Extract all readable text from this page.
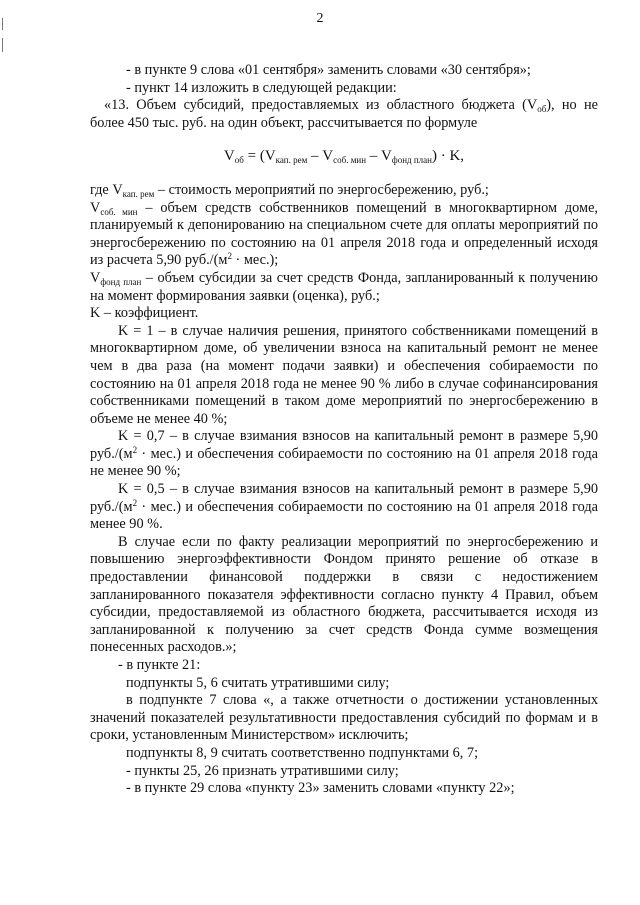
2

- в пункте 9 слова «01 сентября» заменить словами «30 сентября»;

- пункт 14 изложить в следующей редакции:

«13. Объем субсидий, предоставляемых из областного бюджета $(V_{об})$, но не более 450 тыс. руб. на один объект, рассчитывается по формуле

$V_{об} = (V_{кап. рем} - V_{соб. мин} - V_{фонд план}) \cdot K$,

где $V_{кап. рем}$ – стоимость мероприятий по энергосбережению, руб.;

$V_{соб. мин}$ – объем средств собственников помещений в многоквартирном доме, планируемый к депонированию на специальном счете для оплаты мероприятий по энергосбережению по состоянию на 01 апреля 2018 года и определенный исходя из расчета 5,90 $руб./(м^2 \cdot мес.)$;

$V_{фонд план}$ – объем субсидии за счет средств Фонда, запланированный к получению на момент формирования заявки (оценка), руб.;

K – коэффициент.

K = 1 – в случае наличия решения, принятого собственниками помещений в многоквартирном доме, об увеличении взноса на капитальный ремонт не менее чем в два раза (на момент подачи заявки) и обеспечения собираемости по состоянию на 01 апреля 2018 года не менее 90 % либо в случае софинансирования собственниками помещений в таком доме мероприятий по энергосбережению в объеме не менее 40 %;

K = 0,7 – в случае взимания взносов на капитальный ремонт в размере 5,90 $руб./(м^2 \cdot мес.)$ и обеспечения собираемости по состоянию на 01 апреля 2018 года не менее 90 %;

K = 0,5 – в случае взимания взносов на капитальный ремонт в размере 5,90 $руб./(м^2 \cdot мес.)$ и обеспечения собираемости по состоянию на 01 апреля 2018 года менее 90 %.

В случае если по факту реализации мероприятий по энергосбережению и повышению энергоэффективности Фондом принято решение об отказе в предоставлении финансовой поддержки в связи с недостижением запланированного показателя эффективности согласно пункту 4 Правил, объем субсидии, предоставляемой из областного бюджета, рассчитывается исходя из запланированной к получению за счет средств Фонда сумме возмещения понесенных расходов.»;

- в пункте 21:

подпункты 5, 6 считать утратившими силу;

в подпункте 7 слова «, а также отчетности о достижении установленных значений показателей результативности предоставления субсидий по формам и в сроки, установленным Министерством» исключить;

подпункты 8, 9 считать соответственно подпунктами 6, 7;

- пункты 25, 26 признать утратившими силу;

- в пункте 29 слова «пункту 23» заменить словами «пункту 22»;
